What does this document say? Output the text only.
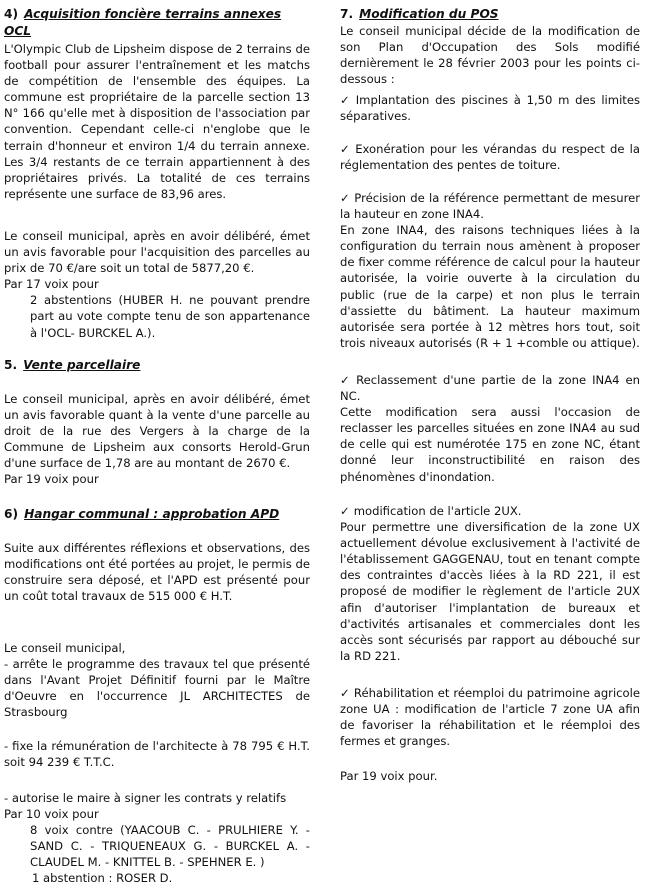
4) Acquisition foncière terrains annexes OCL

L'Olympic Club de Lipsheim dispose de 2 terrains de football pour assurer l'entraînement et les matchs de compétition de l'ensemble des équipes. La commune est propriétaire de la parcelle section 13 N° 166 qu'elle met à disposition de l'association par convention. Cependant celle-ci n'englobe que le terrain d'honneur et environ 1/4 du terrain annexe. Les 3/4 restants de ce terrain appartiennent à des propriétaires privés. La totalité de ces terrains représente une surface de 83,96 ares.

Le conseil municipal, après en avoir délibéré, émet un avis favorable pour l'acquisition des parcelles au prix de 70 €/are soit un total de 5877,20 €.

Par 17 voix pour

2 abstentions (HUBER H. ne pouvant prendre part au vote compte tenu de son appartenance à l'OCL- BURCKEL A.).

5. Vente parcellaire

Le conseil municipal, après en avoir délibéré, émet un avis favorable quant à la vente d'une parcelle au droit de la rue des Vergers à la charge de la Commune de Lipsheim aux consorts Herold-Grun d'une surface de 1,78 are au montant de 2670 €.

Par 19 voix pour

6) Hangar communal : approbation APD

Suite aux différentes réflexions et observations, des modifications ont été portées au projet, le permis de construire sera déposé, et l'APD est présenté pour un coût total travaux de 515 000 € H.T.

Le conseil municipal,

- arrête le programme des travaux tel que présenté dans l'Avant Projet Définitif fourni par le Maître d'Oeuvre en l'occurrence JL ARCHITECTES de Strasbourg

- fixe la rémunération de l'architecte à 78 795 € H.T. soit 94 239 € T.T.C.

- autorise le maire à signer les contrats y relatifs

Par 10 voix pour

8 voix contre (YAACOUB C. - PRULHIERE Y. - SAND C. - TRIQUENEAUX G. - BURCKEL A. - CLAUDEL M. - KNITTEL B. - SPEHNER E. )

1 abstention : ROSER D.

7. Modification du POS

Le conseil municipal décide de la modification de son Plan d'Occupation des Sols modifié dernièrement le 28 février 2003 pour les points ci-dessous :

✓ Implantation des piscines à 1,50 m des limites séparatives.

✓ Exonération pour les vérandas du respect de la réglementation des pentes de toiture.

✓ Précision de la référence permettant de mesurer la hauteur en zone INA4.

En zone INA4, des raisons techniques liées à la configuration du terrain nous amènent à proposer de fixer comme référence de calcul pour la hauteur autorisée, la voirie ouverte à la circulation du public (rue de la carpe) et non plus le terrain d'assiette du bâtiment. La hauteur maximum autorisée sera portée à 12 mètres hors tout, soit trois niveaux autorisés (R + 1 +comble ou attique).

✓ Reclassement d'une partie de la zone INA4 en NC.

Cette modification sera aussi l'occasion de reclasser les parcelles situées en zone INA4 au sud de celle qui est numérotée 175 en zone NC, étant donné leur inconstructibilité en raison des phénomènes d'inondation.

✓ modification de l'article 2UX.

Pour permettre une diversification de la zone UX actuellement dévolue exclusivement à l'activité de l'établissement GAGGENAU, tout en tenant compte des contraintes d'accès liées à la RD 221, il est proposé de modifier le règlement de l'article 2UX afin d'autoriser l'implantation de bureaux et d'activités artisanales et commerciales dont les accès sont sécurisés par rapport au débouché sur la RD 221.

✓ Réhabilitation et réemploi du patrimoine agricole zone UA : modification de l'article 7 zone UA afin de favoriser la réhabilitation et le réemploi des fermes et granges.

Par 19 voix pour.
